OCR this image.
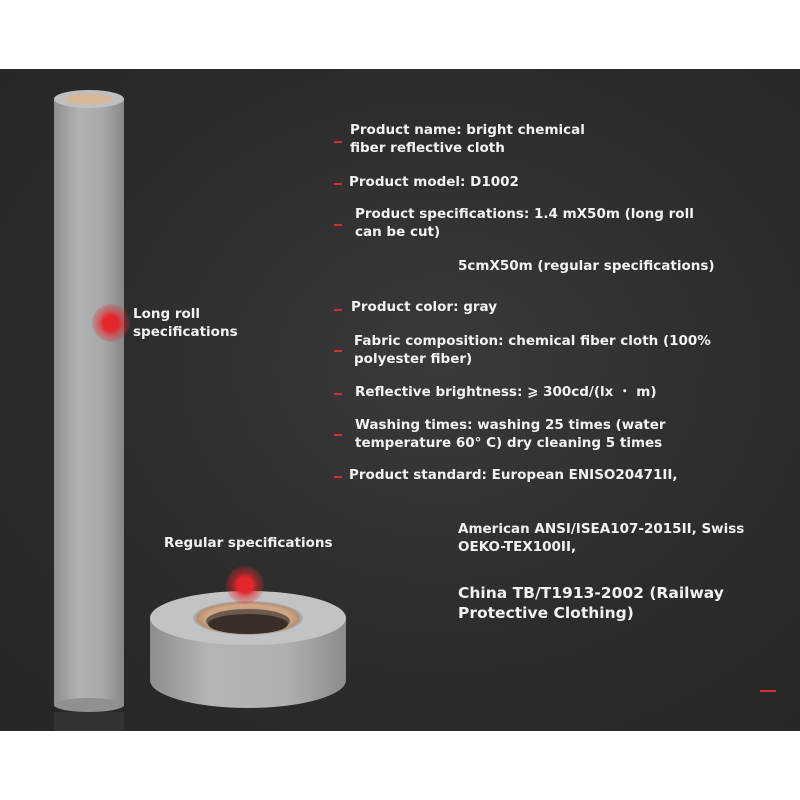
Long roll
specifications
Regular specifications
Product name: bright chemical
fiber reflective cloth
Product model: D1002
Product specifications: 1.4 mX50m (long roll
can be cut)
5cmX50m (regular specifications)
Product color: gray
Fabric composition: chemical fiber cloth (100%
polyester fiber)
Reflective brightness: ⩾ 300cd/(lx ・ m)
Washing times: washing 25 times (water
temperature 60° C) dry cleaning 5 times
Product standard: European ENISO20471II,
American ANSI/ISEA107-2015II, Swiss
OEKO-TEX100II,
China TB/T1913-2002 (Railway
Protective Clothing)
